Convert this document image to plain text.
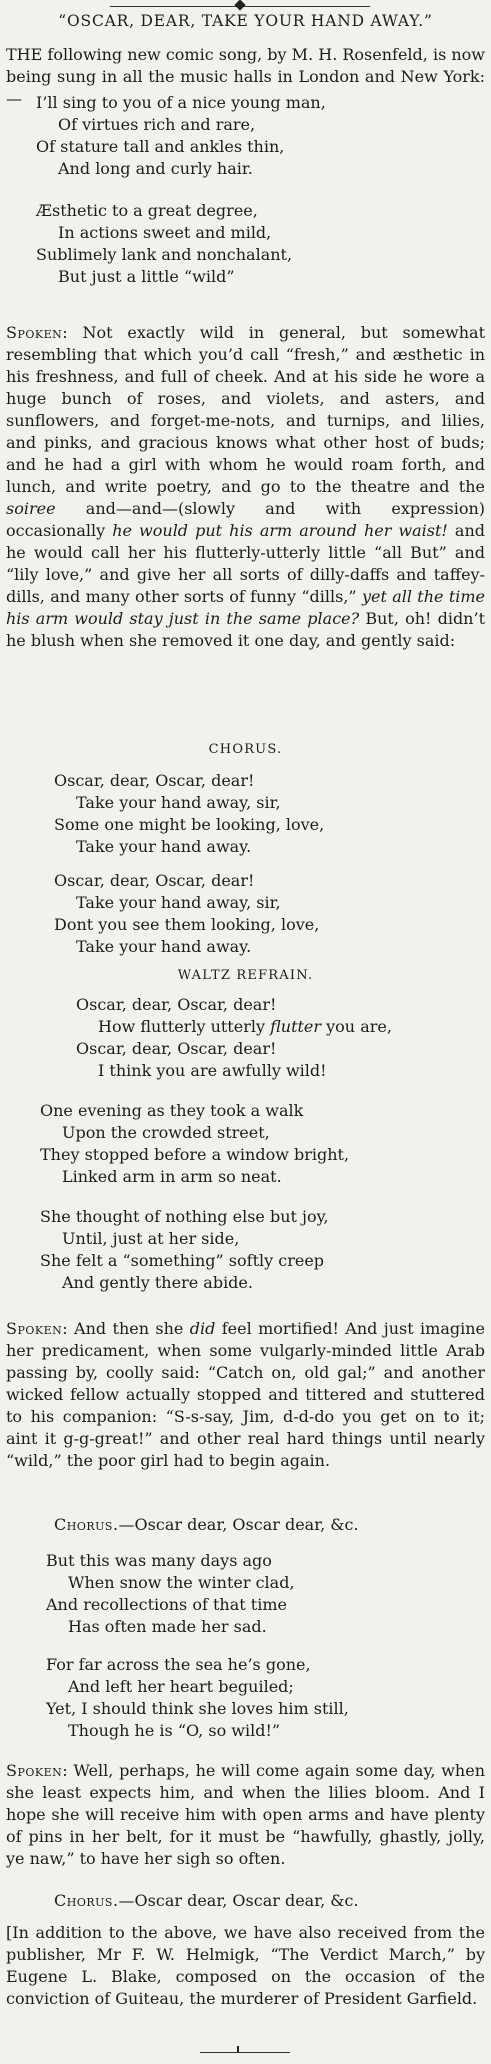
“OSCAR, DEAR, TAKE YOUR HAND AWAY.”

THE following new comic song, by M. H. Rosenfeld, is now being sung in all the music halls in London and New York:— I’ll sing to you of a nice young man,
Of virtues rich and rare,
Of stature tall and ankles thin,
And long and curly hair.
Æsthetic to a great degree,
In actions sweet and mild,
Sublimely lank and nonchalant,
But just a little “wild”

Spoken: Not exactly wild in general, but somewhat resembling that which you’d call “fresh,” and æsthetic in his freshness, and full of cheek. And at his side he wore a huge bunch of roses, and violets, and asters, and sunflowers, and forget-me-nots, and turnips, and lilies, and pinks, and gracious knows what other host of buds; and he had a girl with whom he would roam forth, and lunch, and write poetry, and go to the theatre and the soiree and—and—(slowly and with expression) occasionally he would put his arm around her waist! and he would call her his flutterly-utterly little “all But” and “lily love,” and give her all sorts of dilly-daffs and taffey-dills, and many other sorts of funny “dills,” yet all the time his arm would stay just in the same place? But, oh! didn’t he blush when she removed it one day, and gently said:

CHORUS.
Oscar, dear, Oscar, dear!
Take your hand away, sir,
Some one might be looking, love,
Take your hand away.
Oscar, dear, Oscar, dear!
Take your hand away, sir,
Dont you see them looking, love,
Take your hand away.
WALTZ REFRAIN.
Oscar, dear, Oscar, dear!
How flutterly utterly flutter you are,
Oscar, dear, Oscar, dear!
I think you are awfully wild!
One evening as they took a walk
Upon the crowded street,
They stopped before a window bright,
Linked arm in arm so neat.
She thought of nothing else but joy,
Until, just at her side,
She felt a “something” softly creep
And gently there abide.

Spoken: And then she did feel mortified! And just imagine her predicament, when some vulgarly-minded little Arab passing by, coolly said: “Catch on, old gal;” and another wicked fellow actually stopped and tittered and stuttered to his companion: “S-s-say, Jim, d-d-do you get on to it; aint it g-g-great!” and other real hard things until nearly “wild,” the poor girl had to begin again.

Chorus.—Oscar dear, Oscar dear, &c.
But this was many days ago
When snow the winter clad,
And recollections of that time
Has often made her sad.
For far across the sea he’s gone,
And left her heart beguiled;
Yet, I should think she loves him still,
Though he is “O, so wild!”

Spoken: Well, perhaps, he will come again some day, when she least expects him, and when the lilies bloom. And I hope she will receive him with open arms and have plenty of pins in her belt, for it must be “hawfully, ghastly, jolly, ye naw,” to have her sigh so often.

Chorus.—Oscar dear, Oscar dear, &c.

[In addition to the above, we have also received from the publisher, Mr F. W. Helmigk, “The Verdict March,” by Eugene L. Blake, composed on the occasion of the conviction of Guiteau, the murderer of President Garfield.
